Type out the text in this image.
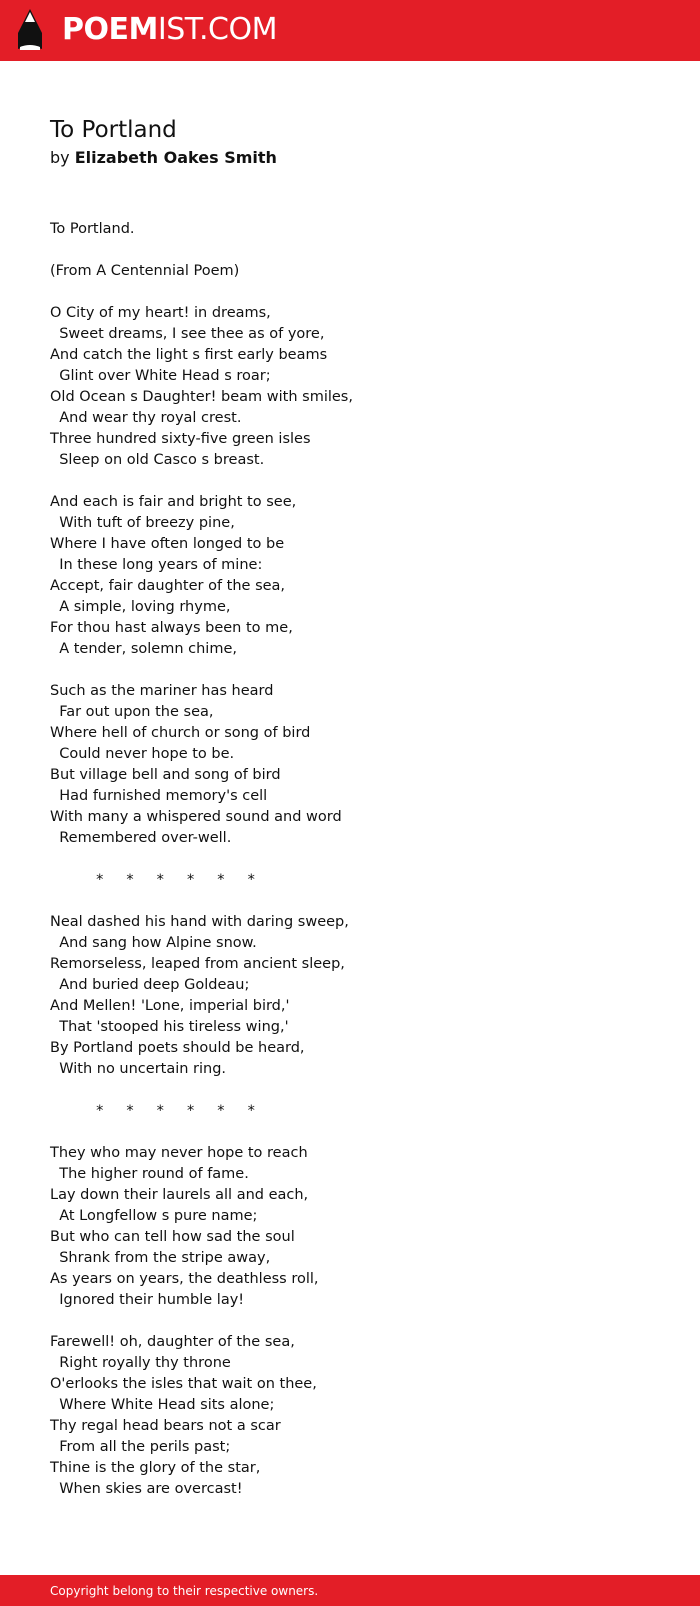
POEMIST.COM
To Portland
by Elizabeth Oakes Smith
To Portland.
(From A Centennial Poem)
O City of my heart! in dreams,
Sweet dreams, I see thee as of yore,
And catch the light s first early beams
Glint over White Head s roar;
Old Ocean s Daughter! beam with smiles,
And wear thy royal crest.
Three hundred sixty-five green isles
Sleep on old Casco s breast.
And each is fair and bright to see,
With tuft of breezy pine,
Where I have often longed to be
In these long years of mine:
Accept, fair daughter of the sea,
A simple, loving rhyme,
For thou hast always been to me,
A tender, solemn chime,
Such as the mariner has heard
Far out upon the sea,
Where hell of church or song of bird
Could never hope to be.
But village bell and song of bird
Had furnished memory's cell
With many a whispered sound and word
Remembered over-well.
*     *     *     *     *     *
Neal dashed his hand with daring sweep,
And sang how Alpine snow.
Remorseless, leaped from ancient sleep,
And buried deep Goldeau;
And Mellen! 'Lone, imperial bird,'
That 'stooped his tireless wing,'
By Portland poets should be heard,
With no uncertain ring.
*     *     *     *     *     *
They who may never hope to reach
The higher round of fame.
Lay down their laurels all and each,
At Longfellow s pure name;
But who can tell how sad the soul
Shrank from the stripe away,
As years on years, the deathless roll,
Ignored their humble lay!
Farewell! oh, daughter of the sea,
Right royally thy throne
O'erlooks the isles that wait on thee,
Where White Head sits alone;
Thy regal head bears not a scar
From all the perils past;
Thine is the glory of the star,
When skies are overcast!
Copyright belong to their respective owners.
